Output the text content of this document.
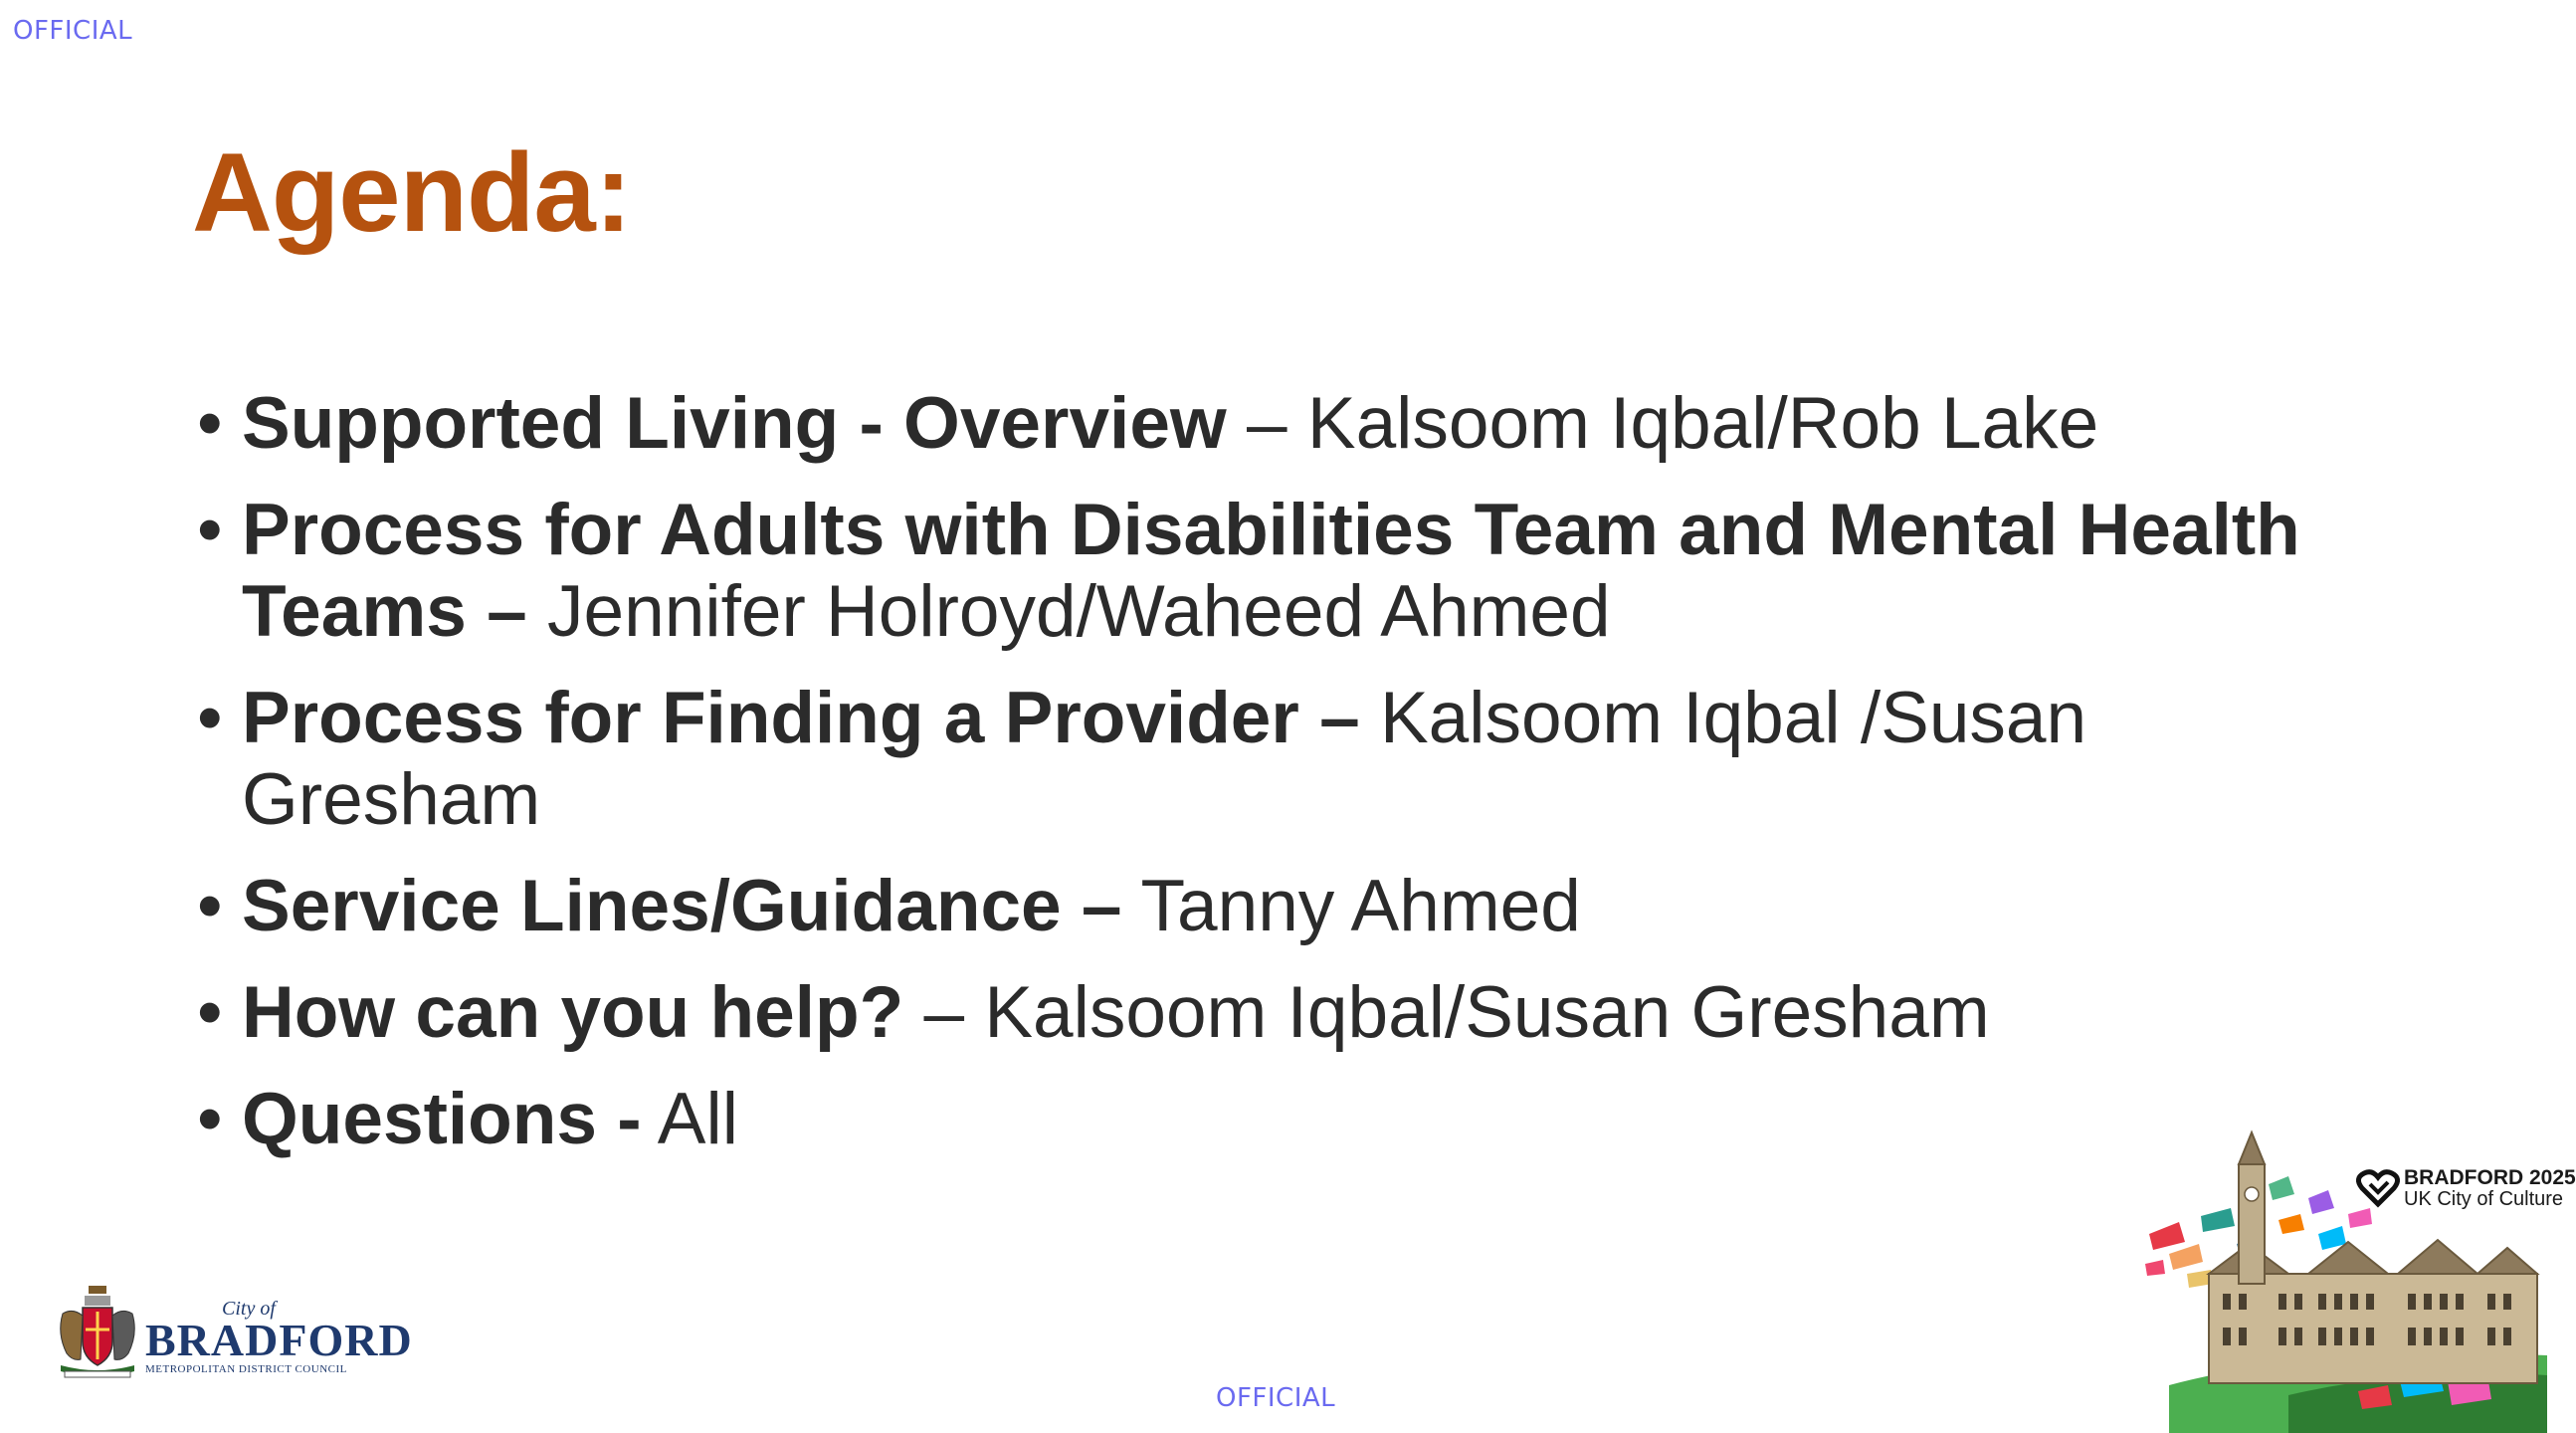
OFFICIAL
Agenda:
• Supported Living - Overview – Kalsoom Iqbal/Rob Lake
• Process for Adults with Disabilities Team and Mental Health Teams – Jennifer Holroyd/Waheed Ahmed
• Process for Finding a Provider – Kalsoom Iqbal /Susan Gresham
• Service Lines/Guidance – Tanny Ahmed
• How can you help? – Kalsoom Iqbal/Susan Gresham
• Questions - All
City of
BRADFORD
METROPOLITAN DISTRICT COUNCIL
OFFICIAL
BRADFORD 2025
UK City of Culture
